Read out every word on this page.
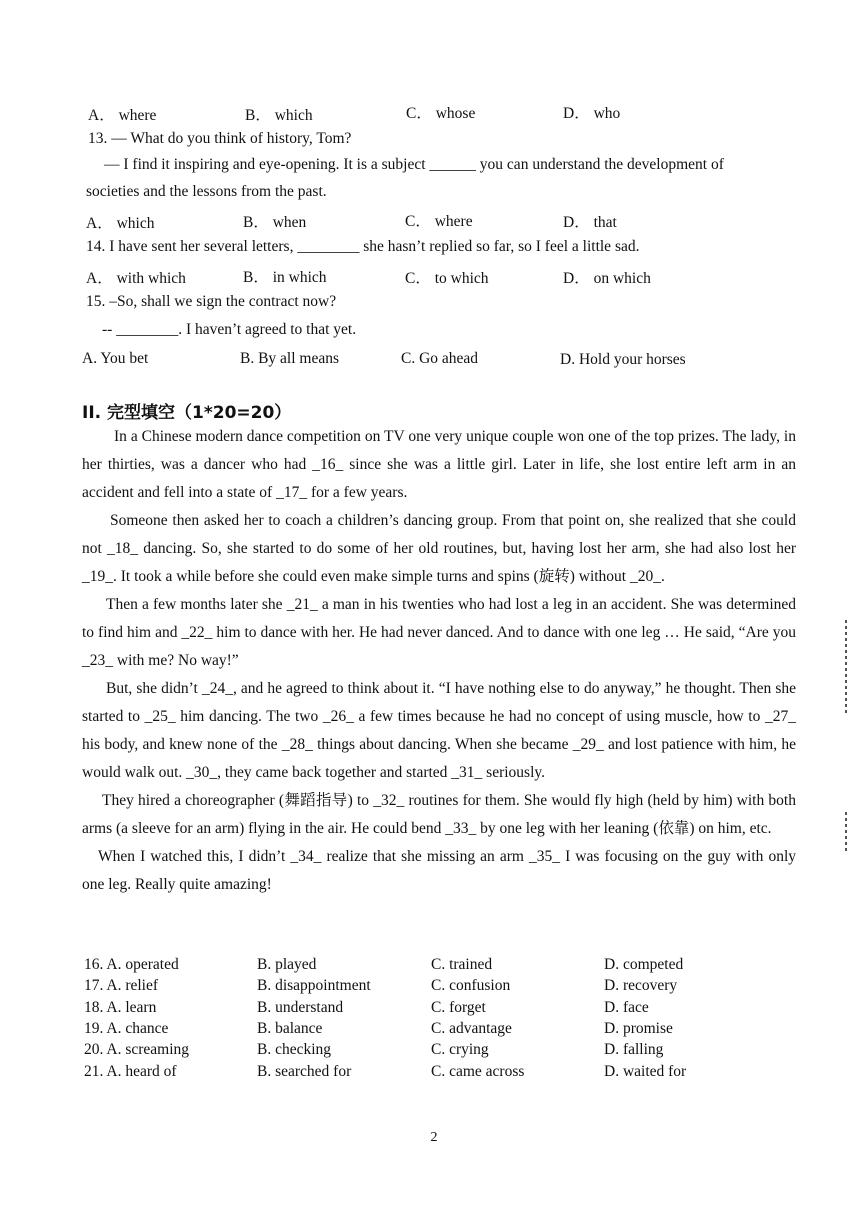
A． where	B． which	C． whose	D． who
13. — What do you think of history, Tom?
— I find it inspiring and eye-opening. It is a subject ______ you can understand the development of
societies and the lessons from the past.
A． which	B． when	C． where	D． that
14. I have sent her several letters, ________ she hasn’t replied so far, so I feel a little sad.
A． with which	B． in which	C． to which	D． on which
15. –So, shall we sign the contract now?
-- ________. I haven’t agreed to that yet.
A. You bet	B. By all means	C. Go ahead	D. Hold your horses
II. 完型填空（1*20=20）

In a Chinese modern dance competition on TV one very unique couple won one of the top prizes. The lady, in her thirties, was a dancer who had _16_ since she was a little girl. Later in life, she lost entire left arm in an accident and fell into a state of _17_ for a few years.

Someone then asked her to coach a children’s dancing group. From that point on, she realized that she could not _18_ dancing. So, she started to do some of her old routines, but, having lost her arm, she had also lost her _19_. It took a while before she could even make simple turns and spins (旋转) without _20_.

Then a few months later she _21_ a man in his twenties who had lost a leg in an accident. She was determined to find him and _22_ him to dance with her. He had never danced. And to dance with one leg … He said, “Are you _23_ with me? No way!”

But, she didn’t _24_, and he agreed to think about it. “I have nothing else to do anyway,” he thought. Then she started to _25_ him dancing. The two _26_ a few times because he had no concept of using muscle, how to _27_ his body, and knew none of the _28_ things about dancing. When she became _29_ and lost patience with him, he would walk out. _30_, they came back together and started _31_ seriously.

They hired a choreographer (舞蹈指导) to _32_ routines for them. She would fly high (held by him) with both arms (a sleeve for an arm) flying in the air. He could bend _33_ by one leg with her leaning (依靠) on him, etc.

When I watched this, I didn’t _34_ realize that she missing an arm _35_ I was focusing on the guy with only one leg. Really quite amazing!

16. A. operated	B. played	C. trained	D. competed
17. A. relief	B. disappointment	C. confusion	D. recovery
18. A. learn	B. understand	C. forget	D. face
19. A. chance	B. balance	C. advantage	D. promise
20. A. screaming	B. checking	C. crying	D. falling
21. A. heard of	B. searched for	C. came across	D. waited for
2
